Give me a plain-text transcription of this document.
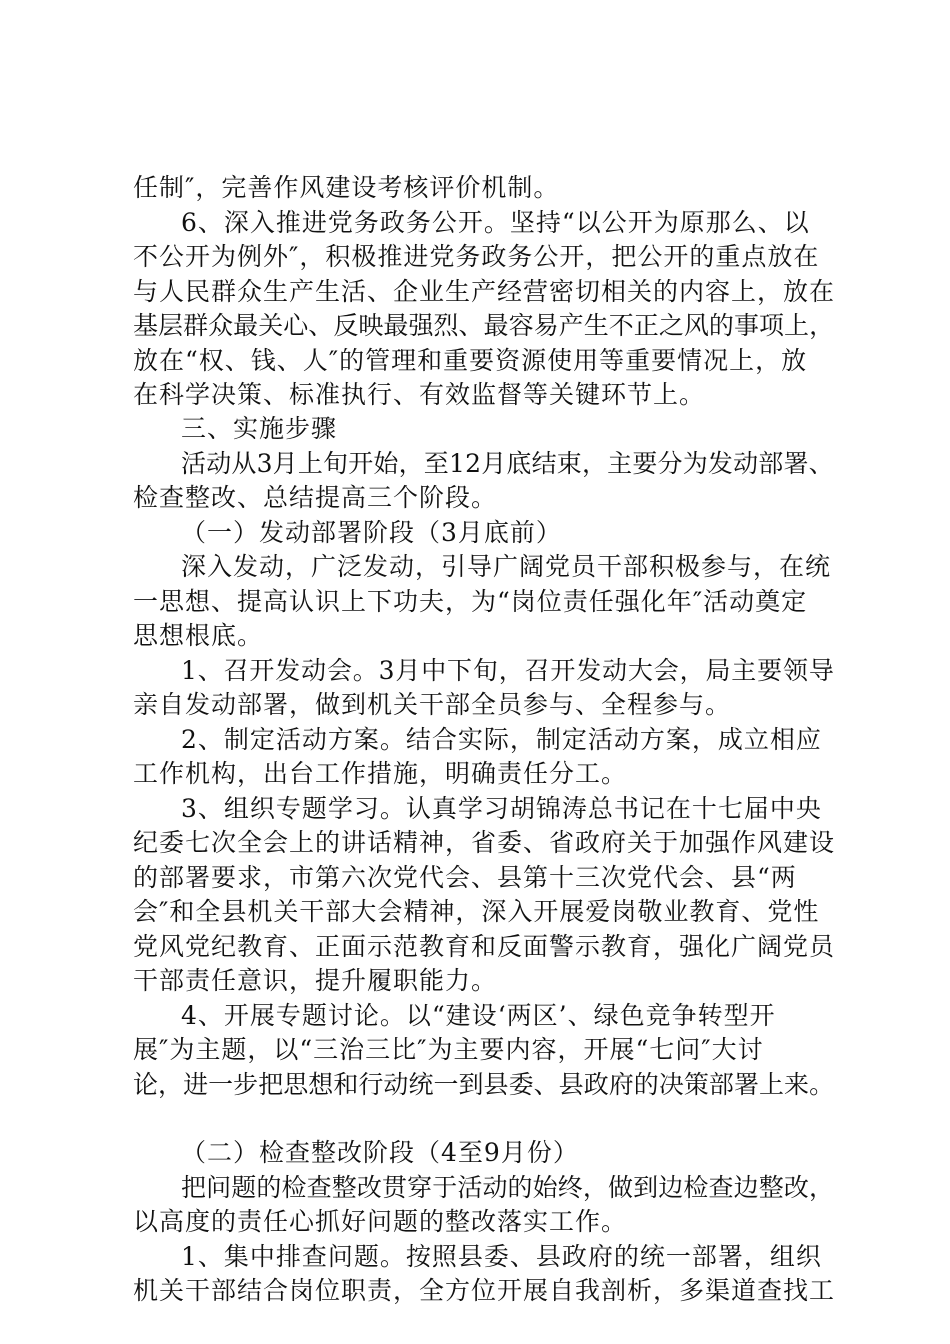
任制″，完善作风建设考核评价机制。
6、深入推进党务政务公开。坚持“以公开为原那么、以
不公开为例外″，积极推进党务政务公开，把公开的重点放在
与人民群众生产生活、企业生产经营密切相关的内容上，放在
基层群众最关心、反映最强烈、最容易产生不正之风的事项上，
放在“权、钱、人″的管理和重要资源使用等重要情况上，放
在科学决策、标准执行、有效监督等关键环节上。
三、实施步骤
活动从3月上旬开始，至12月底结束，主要分为发动部署、
检查整改、总结提高三个阶段。
（一）发动部署阶段（3月底前）
深入发动，广泛发动，引导广阔党员干部积极参与，在统
一思想、提高认识上下功夫，为“岗位责任强化年″活动奠定
思想根底。
1、召开发动会。3月中下旬，召开发动大会，局主要领导
亲自发动部署，做到机关干部全员参与、全程参与。
2、制定活动方案。结合实际，制定活动方案，成立相应
工作机构，出台工作措施，明确责任分工。
3、组织专题学习。认真学习胡锦涛总书记在十七届中央
纪委七次全会上的讲话精神，省委、省政府关于加强作风建设
的部署要求，市第六次党代会、县第十三次党代会、县“两
会″和全县机关干部大会精神，深入开展爱岗敬业教育、党性
党风党纪教育、正面示范教育和反面警示教育，强化广阔党员
干部责任意识，提升履职能力。
4、开展专题讨论。以“建设‘两区’、绿色竞争转型开
展″为主题，以“三治三比″为主要内容，开展“七问″大讨
论，进一步把思想和行动统一到县委、县政府的决策部署上来。
（二）检查整改阶段（4至9月份）
把问题的检查整改贯穿于活动的始终，做到边检查边整改，
以高度的责任心抓好问题的整改落实工作。
1、集中排查问题。按照县委、县政府的统一部署，组织
机关干部结合岗位职责，全方位开展自我剖析，多渠道查找工
